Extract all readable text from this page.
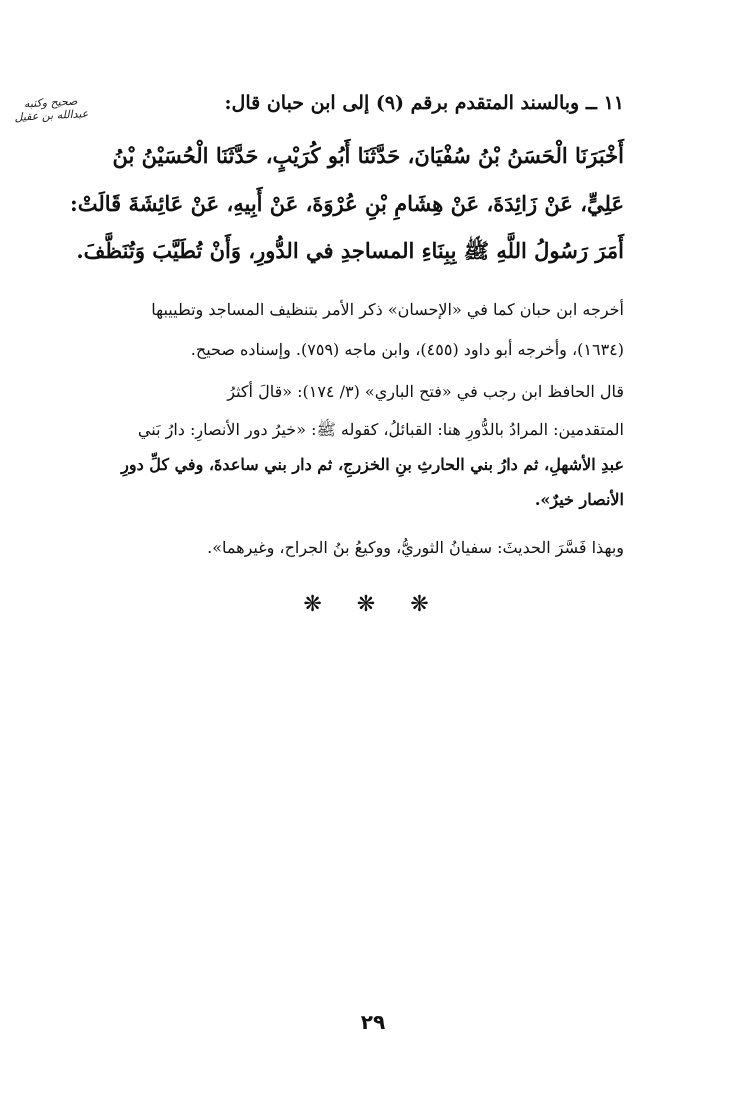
صحيح وكتبه
عبدالله بن عقيل
١١ ــ وبالسند المتقدم برقم (٩) إلى ابن حبان قال:
أَخْبَرَنَا الْحَسَنُ بْنُ سُفْيَانَ، حَدَّثَنَا أَبُو كُرَيْبٍ، حَدَّثَنَا الْحُسَيْنُ بْنُ
عَلِيٍّ، عَنْ زَائِدَةَ، عَنْ هِشَامِ بْنِ عُرْوَةَ، عَنْ أَبِيهِ، عَنْ عَائِشَةَ قَالَتْ:
أَمَرَ رَسُولُ اللَّهِ ﷺ بِبِنَاءِ المساجدِ في الدُّورِ، وَأَنْ تُطَيَّبَ وَتُنَظَّفَ.
أخرجه ابن حبان كما في «الإحسان» ذكر الأمر بتنظيف المساجد وتطييبها
(١٦٣٤)، وأخرجه أبو داود (٤٥٥)، وابن ماجه (٧٥٩). وإسناده صحيح.
قال الحافظ ابن رجب في «فتح الباري» (٣/ ١٧٤): «قالَ أكثرُ
المتقدمين: المرادُ بالدُّورِ هنا: القبائلُ، كقوله ﷺ: «خيرُ دور الأنصارِ: دارُ بَني
عبدِ الأشهلِ، ثم دارُ بني الحارثِ بنِ الخزرجِ، ثم دار بني ساعدةَ، وفي كلِّ دورِ
الأنصار خيرٌ».
وبهذا فَسَّرَ الحديثَ: سفيانُ الثوريُّ، ووكيعُ بنُ الجراح، وغيرهما».
❋ ❋ ❋
٢٩
